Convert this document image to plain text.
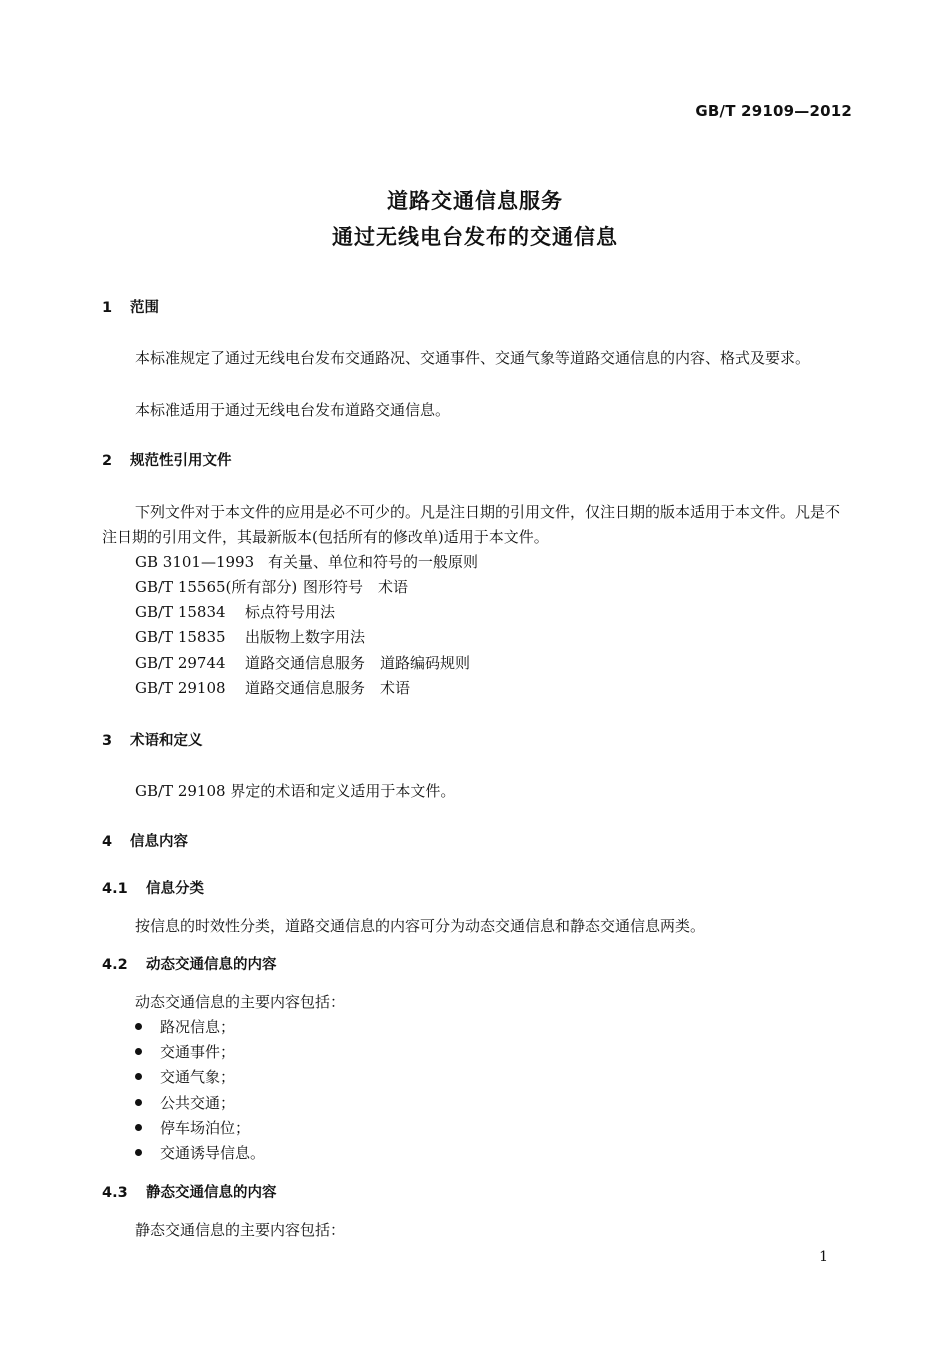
GB/T 29109—2012
道路交通信息服务
通过无线电台发布的交通信息
1 范围
本标准规定了通过无线电台发布交通路况、交通事件、交通气象等道路交通信息的内容、格式及要求。
本标准适用于通过无线电台发布道路交通信息。
2 规范性引用文件
下列文件对于本文件的应用是必不可少的。凡是注日期的引用文件，仅注日期的版本适用于本文件。凡是不注日期的引用文件，其最新版本(包括所有的修改单)适用于本文件。
GB 3101—1993 有关量、单位和符号的一般原则
GB/T 15565(所有部分) 图形符号　术语
GB/T 15834 标点符号用法
GB/T 15835 出版物上数字用法
GB/T 29744 道路交通信息服务　道路编码规则
GB/T 29108 道路交通信息服务　术语
3 术语和定义
GB/T 29108 界定的术语和定义适用于本文件。
4 信息内容
4.1 信息分类
按信息的时效性分类，道路交通信息的内容可分为动态交通信息和静态交通信息两类。
4.2 动态交通信息的内容
动态交通信息的主要内容包括：
路况信息；
交通事件；
交通气象；
公共交通；
停车场泊位；
交通诱导信息。
4.3 静态交通信息的内容
静态交通信息的主要内容包括：
1
